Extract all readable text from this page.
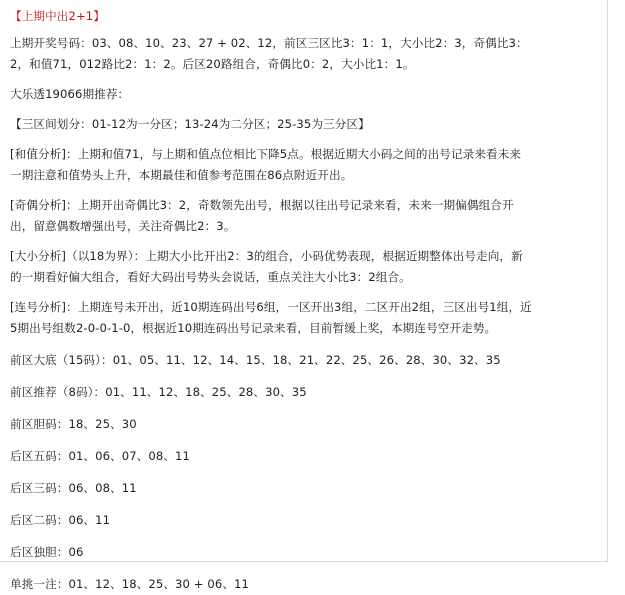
【上期中出2+1】
上期开奖号码：03、08、10、23、27 + 02、12，前区三区比3：1：1，大小比2：3，奇偶比3：
2，和值71，012路比2：1：2。后区20路组合，奇偶比0：2，大小比1：1。
大乐透19066期推荐：
【三区间划分：01-12为一分区；13-24为二分区；25-35为三分区】
[和值分析]：上期和值71，与上期和值点位相比下降5点。根据近期大小码之间的出号记录来看未来
一期注意和值势头上升，本期最佳和值参考范围在86点附近开出。
[奇偶分析]：上期开出奇偶比3：2，奇数领先出号，根据以往出号记录来看，未来一期偏偶组合开
出，留意偶数增强出号，关注奇偶比2：3。
[大小分析]（以18为界）：上期大小比开出2：3的组合，小码优势表现，根据近期整体出号走向，新
的一期看好偏大组合，看好大码出号势头会说话，重点关注大小比3：2组合。
[连号分析]：上期连号未开出，近10期连码出号6组，一区开出3组，二区开出2组，三区出号1组，近
5期出号组数2-0-0-1-0，根据近10期连码出号记录来看，目前暂缓上奖，本期连号空开走势。
前区大底（15码）：01、05、11、12、14、15、18、21、22、25、26、28、30、32、35
前区推荐（8码）：01、11、12、18、25、28、30、35
前区胆码：18、25、30
后区五码：01、06、07、08、11
后区三码：06、08、11
后区二码：06、11
后区独胆：06
单挑一注：01、12、18、25、30 + 06、11
